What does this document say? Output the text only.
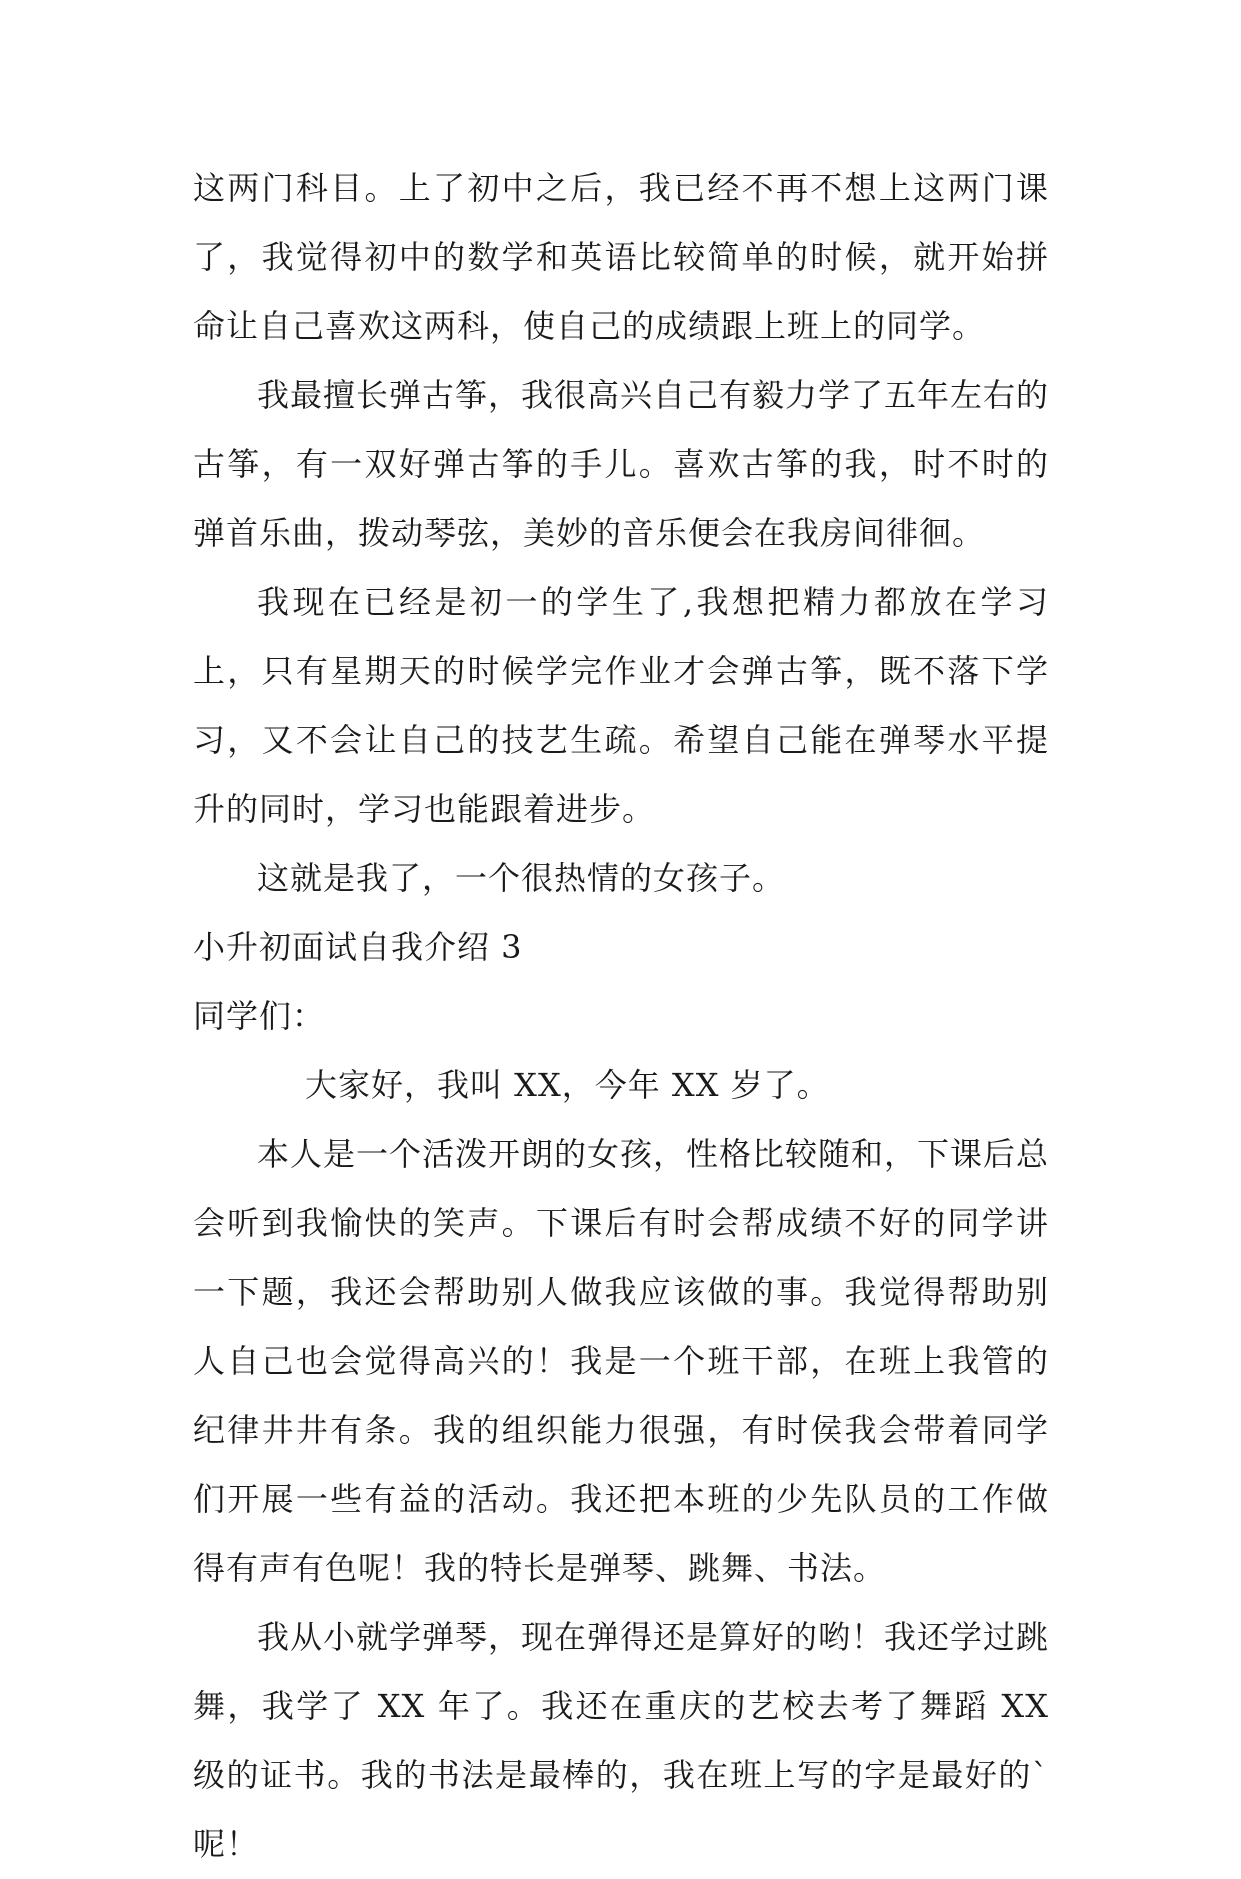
这两门科目。上了初中之后，我已经不再不想上这两门课了，我觉得初中的数学和英语比较简单的时候，就开始拼命让自己喜欢这两科，使自己的成绩跟上班上的同学。

我最擅长弹古筝，我很高兴自己有毅力学了五年左右的古筝，有一双好弹古筝的手儿。喜欢古筝的我，时不时的弹首乐曲，拨动琴弦，美妙的音乐便会在我房间徘徊。

我现在已经是初一的学生了,我想把精力都放在学习上，只有星期天的时候学完作业才会弹古筝，既不落下学习，又不会让自己的技艺生疏。希望自己能在弹琴水平提升的同时，学习也能跟着进步。

这就是我了，一个很热情的女孩子。

小升初面试自我介绍 3

同学们：

大家好，我叫 XX，今年 XX 岁了。

本人是一个活泼开朗的女孩，性格比较随和，下课后总会听到我愉快的笑声。下课后有时会帮成绩不好的同学讲一下题，我还会帮助别人做我应该做的事。我觉得帮助别人自己也会觉得高兴的！我是一个班干部，在班上我管的纪律井井有条。我的组织能力很强，有时侯我会带着同学们开展一些有益的活动。我还把本班的少先队员的工作做得有声有色呢！我的特长是弹琴、跳舞、书法。

我从小就学弹琴，现在弹得还是算好的哟！我还学过跳舞，我学了 XX 年了。我还在重庆的艺校去考了舞蹈 XX 级的证书。我的书法是最棒的，我在班上写的字是最好的`呢！
